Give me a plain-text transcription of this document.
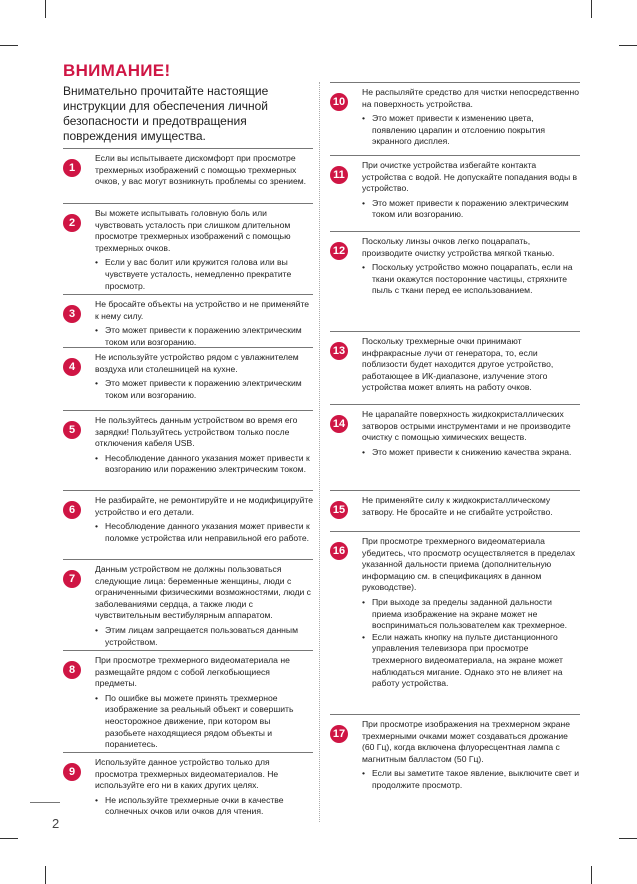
ВНИМАНИЕ!
Внимательно прочитайте настоящие инструкции для обеспечения личной безопасности и предотвращения повреждения имущества.
1
Если вы испытываете дискомфорт при просмотре трехмерных изображений с помощью трехмерных очков, у вас могут возникнуть проблемы со зрением.
2
Вы можете испытывать головную боль или чувствовать усталость при слишком длительном просмотре трехмерных изображений с помощью трехмерных очков.
• Если у вас болит или кружится голова или вы чувствуете усталость, немедленно прекратите просмотр.
3
Не бросайте объекты на устройство и не применяйте к нему силу.
• Это может привести к поражению электрическим током или возгоранию.
4
Не используйте устройство рядом с увлажнителем воздуха или столешницей на кухне.
• Это может привести к поражению электрическим током или возгоранию.
5
Не пользуйтесь данным устройством во время его зарядки! Пользуйтесь устройством только после отключения кабеля USB.
• Несоблюдение данного указания может привести к возгоранию или поражению электрическим током.
6
Не разбирайте, не ремонтируйте и не модифицируйте устройство и его детали.
• Несоблюдение данного указания может привести к поломке устройства или неправильной его работе.
7
Данным устройством не должны пользоваться следующие лица: беременные женщины, люди с ограниченными физическими возможностями, люди с заболеваниями сердца, а также люди с чувствительным вестибулярным аппаратом.
• Этим лицам запрещается пользоваться данным устройством.
8
При просмотре трехмерного видеоматериала не размещайте рядом с собой легкобьющиеся предметы.
• По ошибке вы можете принять трехмерное изображение за реальный объект и совершить неосторожное движение, при котором вы разобьете находящиеся рядом объекты и пораниетесь.
9
Используйте данное устройство только для просмотра трехмерных видеоматериалов. Не используйте его ни в каких других целях.
• Не используйте трехмерные очки в качестве солнечных очков или очков для чтения.
10
Не распыляйте средство для чистки непосредственно на поверхность устройства.
• Это может привести к изменению цвета, появлению царапин и отслоению покрытия экранного дисплея.
11
При очистке устройства избегайте контакта устройства с водой. Не допускайте попадания воды в устройство.
• Это может привести к поражению электрическим током или возгоранию.
12
Поскольку линзы очков легко поцарапать, производите очистку устройства мягкой тканью.
• Поскольку устройство можно поцарапать, если на ткани окажутся посторонние частицы, стряхните пыль с ткани перед ее использованием.
13
Поскольку трехмерные очки принимают инфракрасные лучи от генератора, то, если поблизости будет находится другое устройство, работающее в ИК-диапазоне, излучение этого устройства может влиять на работу очков.
14
Не царапайте поверхность жидкокристаллических затворов острыми инструментами и не производите очистку с помощью химических веществ.
• Это может привести к снижению качества экрана.
15
Не применяйте силу к жидкокристаллическому затвору. Не бросайте и не сгибайте устройство.
16
При просмотре трехмерного видеоматериала убедитесь, что просмотр осуществляется в пределах указанной дальности приема (дополнительную информацию см. в спецификациях в данном руководстве).
• При выходе за пределы заданной дальности приема изображение на экране может не восприниматься пользователем как трехмерное.
• Если нажать кнопку на пульте дистанционного управления телевизора при просмотре трехмерного видеоматериала, на экране может наблюдаться мигание. Однако это не влияет на работу устройства.
17
При просмотре изображения на трехмерном экране трехмерными очками может создаваться дрожание (60 Гц), когда включена флуоресцентная лампа с магнитным балластом (50 Гц).
• Если вы заметите такое явление, выключите свет и продолжите просмотр.
2
